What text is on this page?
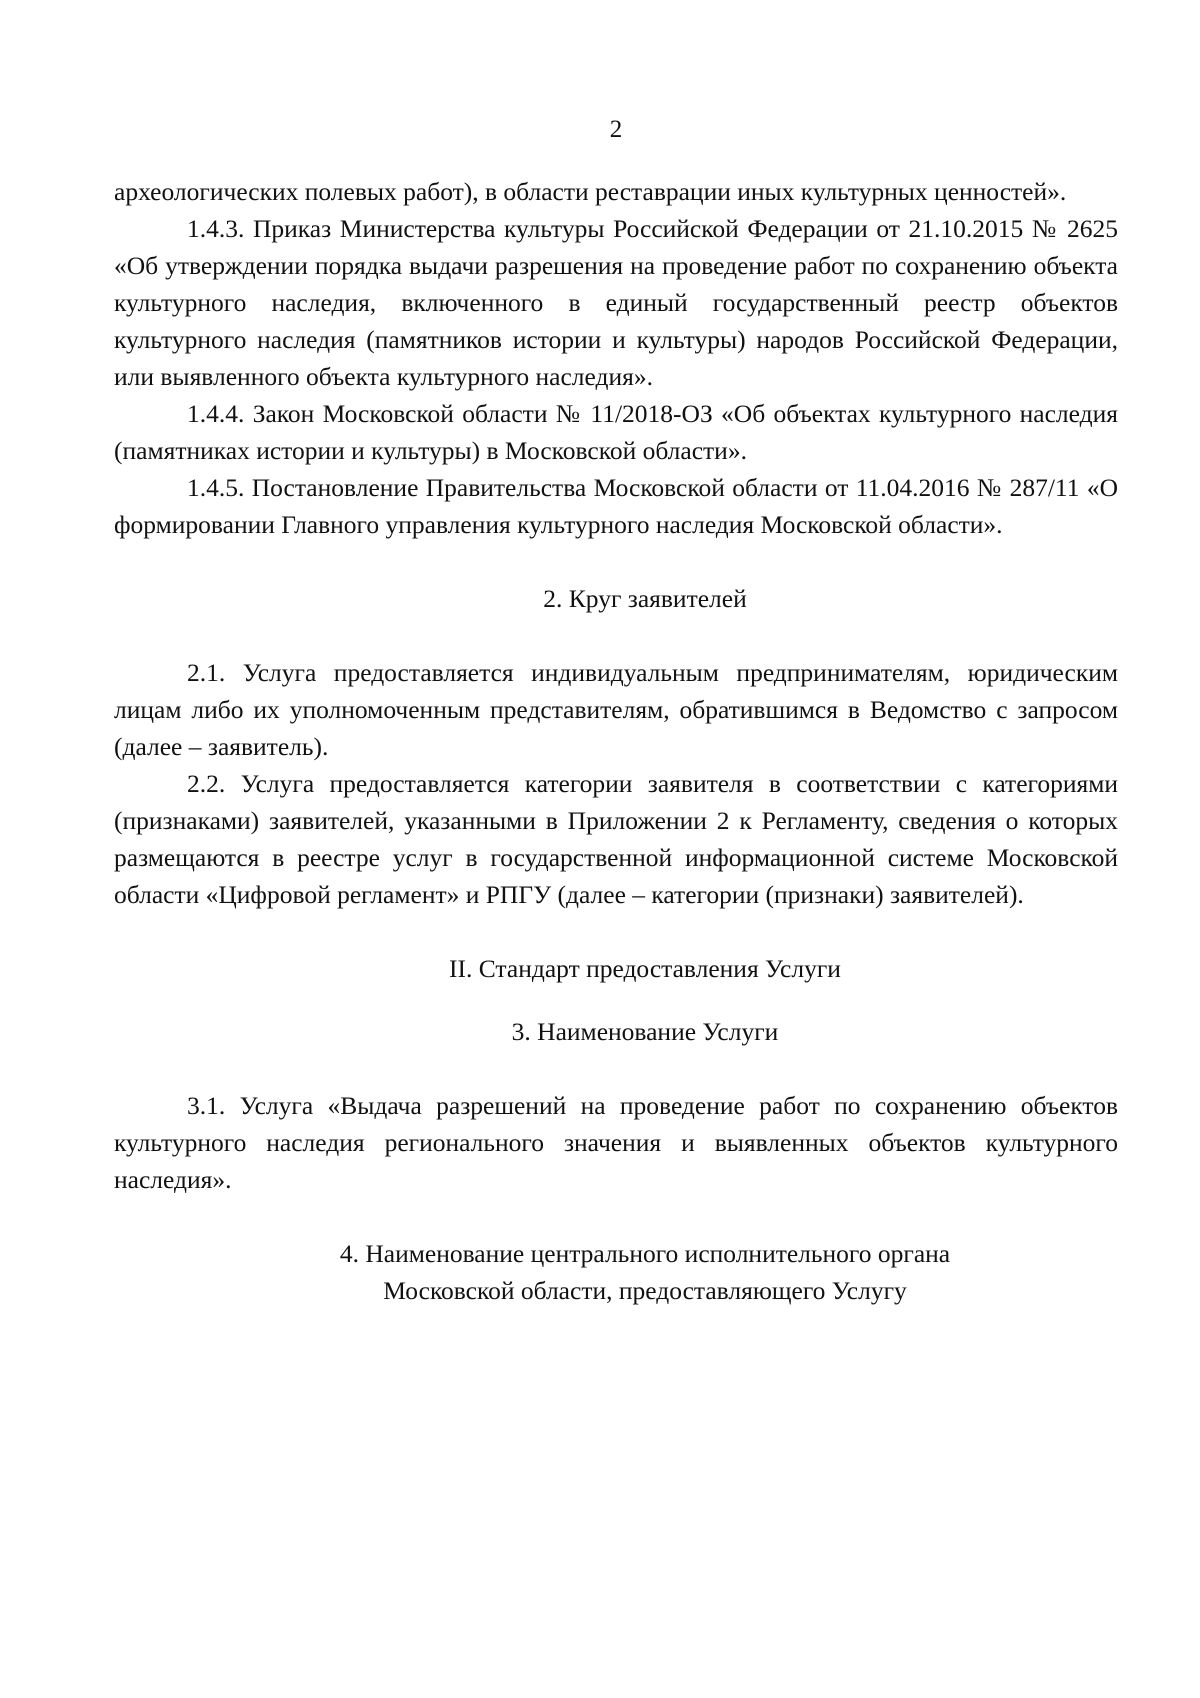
2

археологических полевых работ), в области реставрации иных культурных ценностей».

1.4.3. Приказ Министерства культуры Российской Федерации от 21.10.2015 № 2625 «Об утверждении порядка выдачи разрешения на проведение работ по сохранению объекта культурного наследия, включенного в единый государственный реестр объектов культурного наследия (памятников истории и культуры) народов Российской Федерации, или выявленного объекта культурного наследия».

1.4.4. Закон Московской области № 11/2018-ОЗ «Об объектах культурного наследия (памятниках истории и культуры) в Московской области».

1.4.5. Постановление Правительства Московской области от 11.04.2016 № 287/11 «О формировании Главного управления культурного наследия Московской области».

2. Круг заявителей

2.1. Услуга предоставляется индивидуальным предпринимателям, юридическим лицам либо их уполномоченным представителям, обратившимся в Ведомство с запросом (далее – заявитель).

2.2. Услуга предоставляется категории заявителя в соответствии с категориями (признаками) заявителей, указанными в Приложении 2 к Регламенту, сведения о которых размещаются в реестре услуг в государственной информационной системе Московской области «Цифровой регламент» и РПГУ (далее – категории (признаки) заявителей).

II. Стандарт предоставления Услуги
3. Наименование Услуги

3.1. Услуга «Выдача разрешений на проведение работ по сохранению объектов культурного наследия регионального значения и выявленных объектов культурного наследия».

4. Наименование центрального исполнительного органа
Московской области, предоставляющего Услугу
